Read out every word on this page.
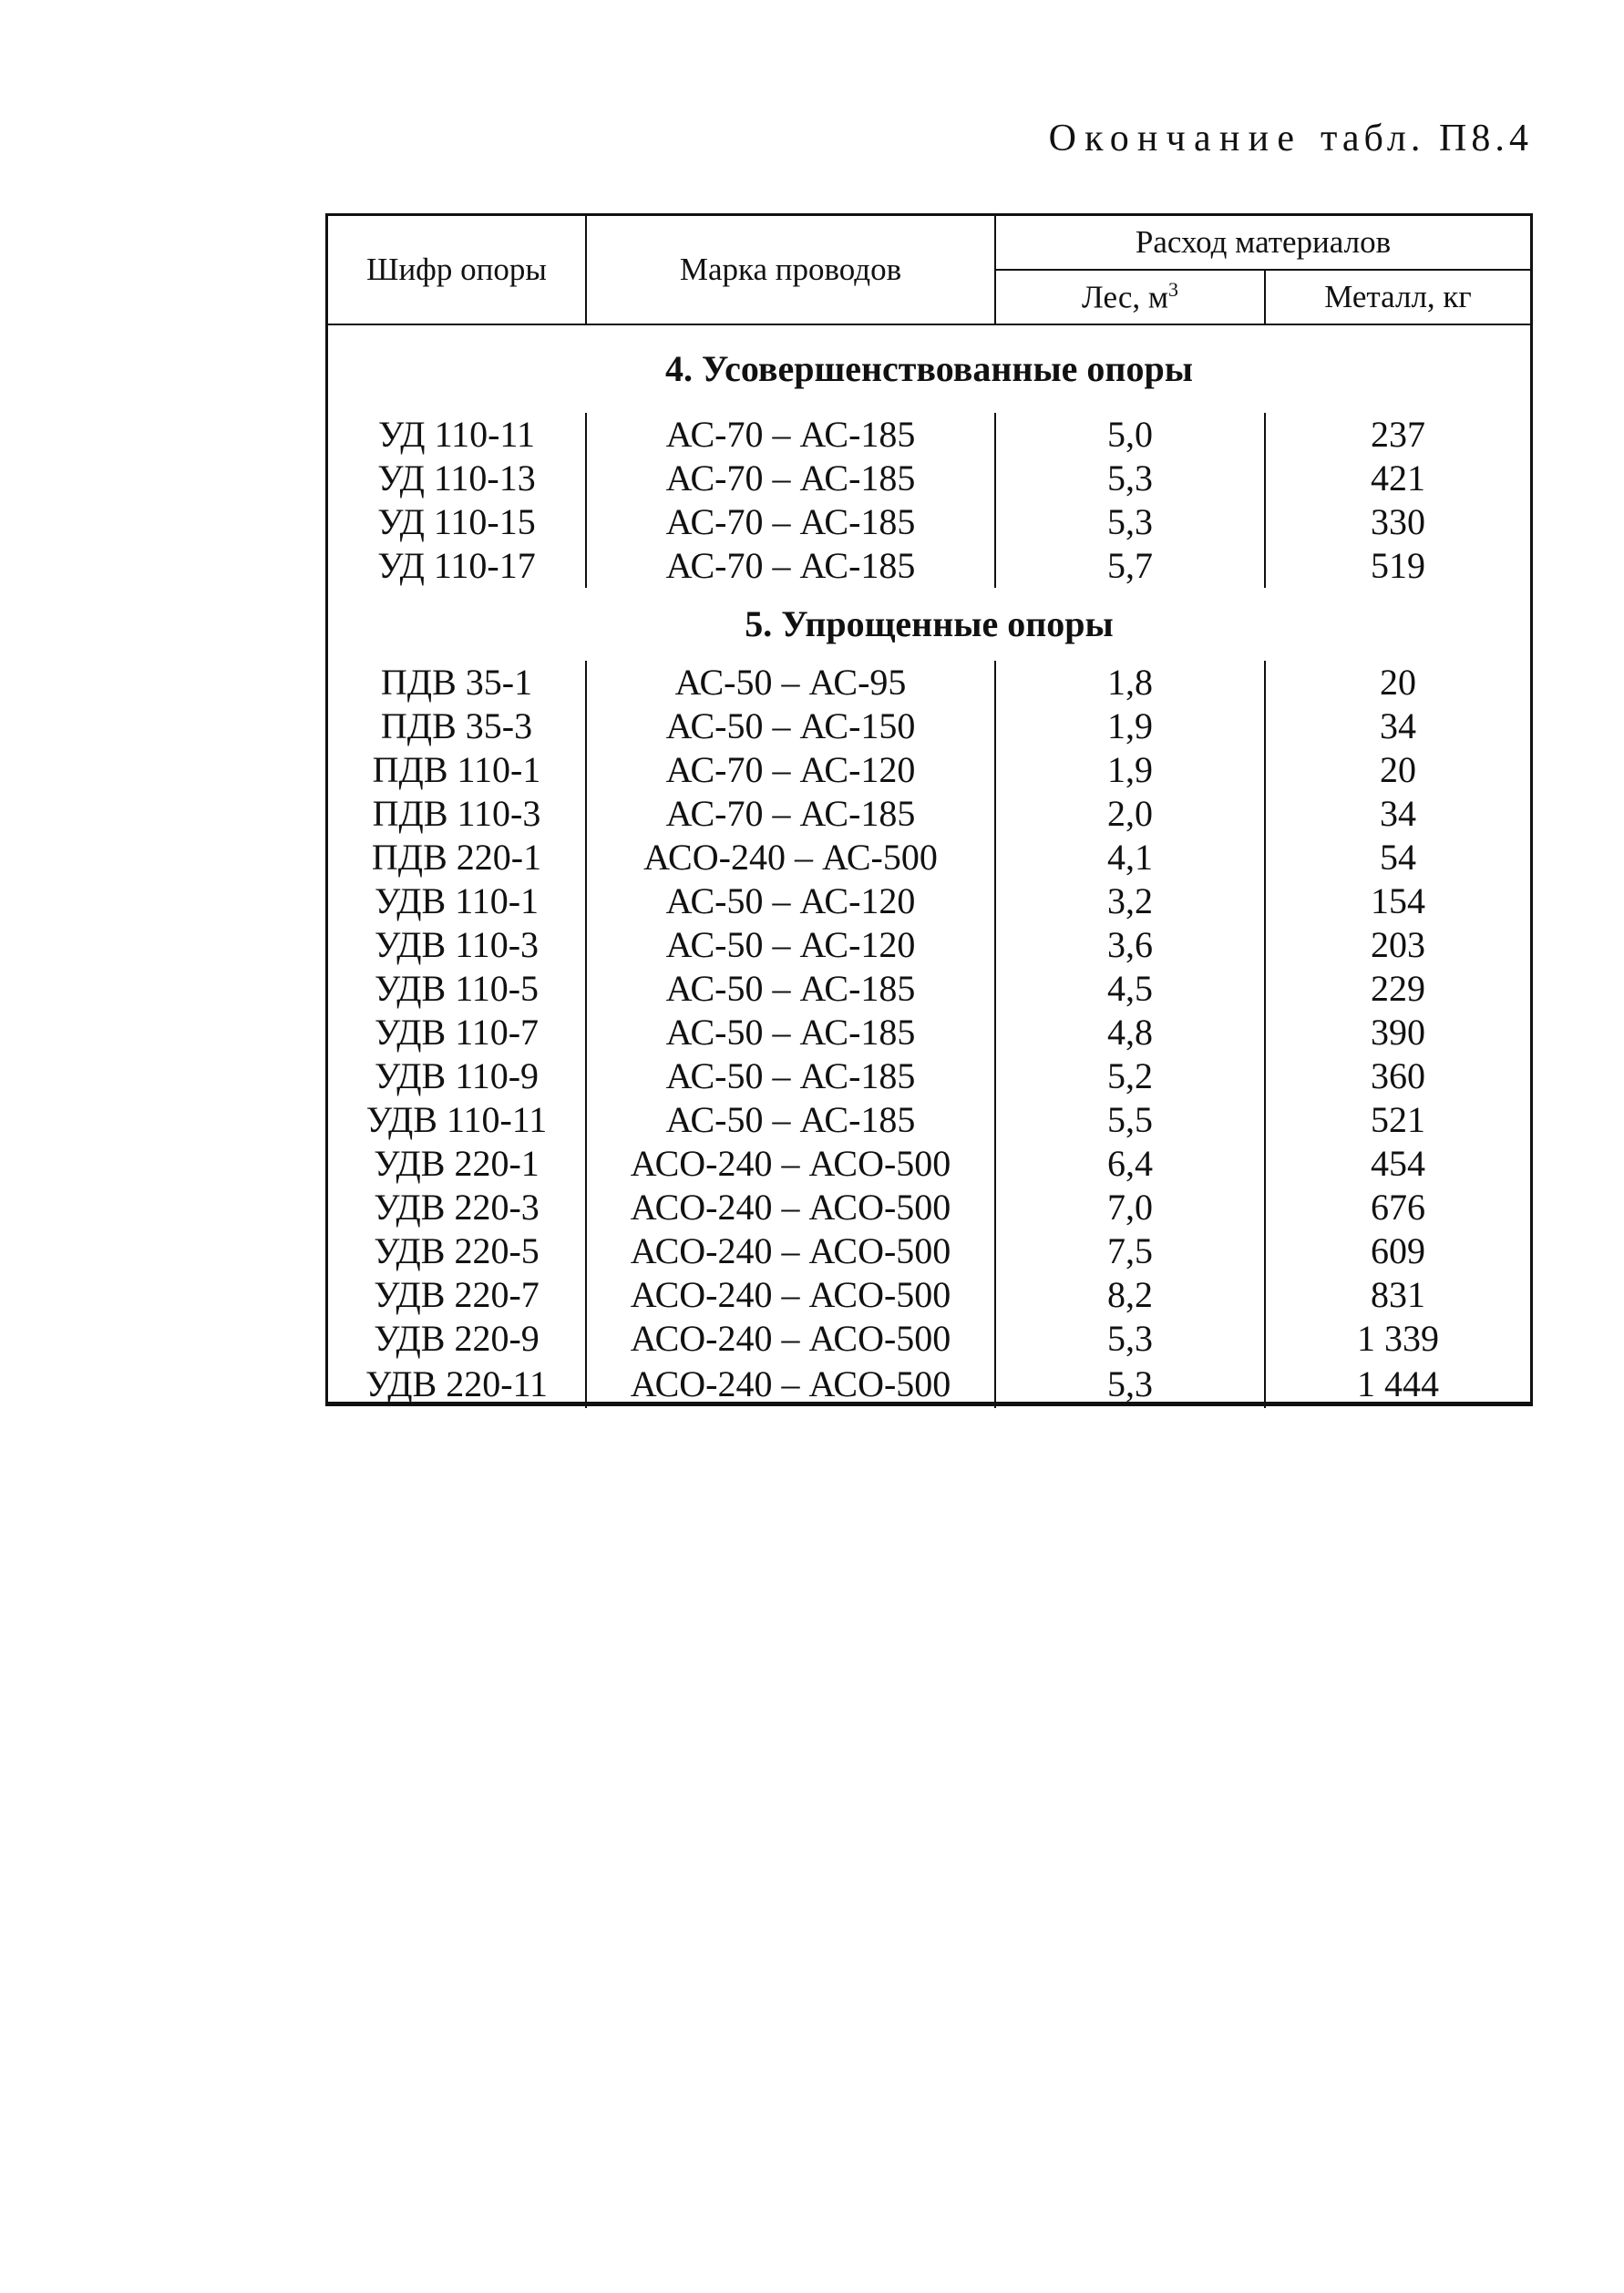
Окончание табл. П8.4
Шифр опоры	Марка проводов	Расход материалов	
		Лес, $м^3$	Металл, кг
4. Усовершенствованные опоры			
УД 110-11	АС-70 – АС-185	5,0	237
УД 110-13	АС-70 – АС-185	5,3	421
УД 110-15	АС-70 – АС-185	5,3	330
УД 110-17	АС-70 – АС-185	5,7	519
5. Упрощенные опоры			
ПДВ 35-1	АС-50 – АС-95	1,8	20
ПДВ 35-3	АС-50 – АС-150	1,9	34
ПДВ 110-1	АС-70 – АС-120	1,9	20
ПДВ 110-3	АС-70 – АС-185	2,0	34
ПДВ 220-1	АСО-240 – АС-500	4,1	54
УДВ 110-1	АС-50 – АС-120	3,2	154
УДВ 110-3	АС-50 – АС-120	3,6	203
УДВ 110-5	АС-50 – АС-185	4,5	229
УДВ 110-7	АС-50 – АС-185	4,8	390
УДВ 110-9	АС-50 – АС-185	5,2	360
УДВ 110-11	АС-50 – АС-185	5,5	521
УДВ 220-1	АСО-240 – АСО-500	6,4	454
УДВ 220-3	АСО-240 – АСО-500	7,0	676
УДВ 220-5	АСО-240 – АСО-500	7,5	609
УДВ 220-7	АСО-240 – АСО-500	8,2	831
УДВ 220-9	АСО-240 – АСО-500	5,3	1 339
УДВ 220-11	АСО-240 – АСО-500	5,3	1 444
